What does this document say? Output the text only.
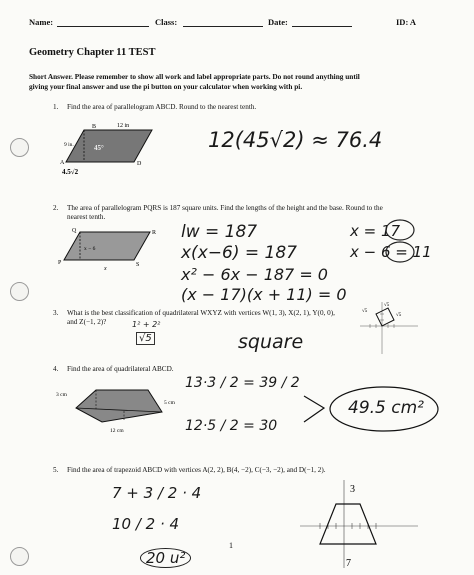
Name:	Class:	Date:	ID: A
Geometry Chapter 11 TEST
Short Answer. Please remember to show all work and label appropriate parts. Do not round anything until
giving your final answer and use the pi button on your calculator when working with pi.
1. Find the area of parallelogram ABCD. Round to the nearest tenth.
B	12 in
9 in.	45°
A	D
4.5√2
12(45√2) ≈ 76.4
2. The area of parallelogram PQRS is 187 square units. Find the lengths of the height and the base. Round to the
nearest tenth.
Q
P
x − 6
x
R
S
lw = 187
x(x−6) = 187
x² − 6x − 187 = 0
(x − 17)(x + 11) = 0
x = 17
x − 6 = 11
3. What is the best classification of quadrilateral WXYZ with vertices W(1, 3), X(2, 1), Y(0, 0),
and Z(−1, 2)?	1² + 2²
√5	square
√5
√5
√5
4. Find the area of quadrilateral ABCD.
3 cm
5 cm
12 cm
13·3 / 2 = 39 / 2
12·5 / 2 = 30
49.5 cm²
5. Find the area of trapezoid ABCD with vertices A(2, 2), B(4, −2), C(−3, −2), and D(−1, 2).
7 + 3 / 2 · 4
10 / 2 · 4
20 u²
3
7
1
